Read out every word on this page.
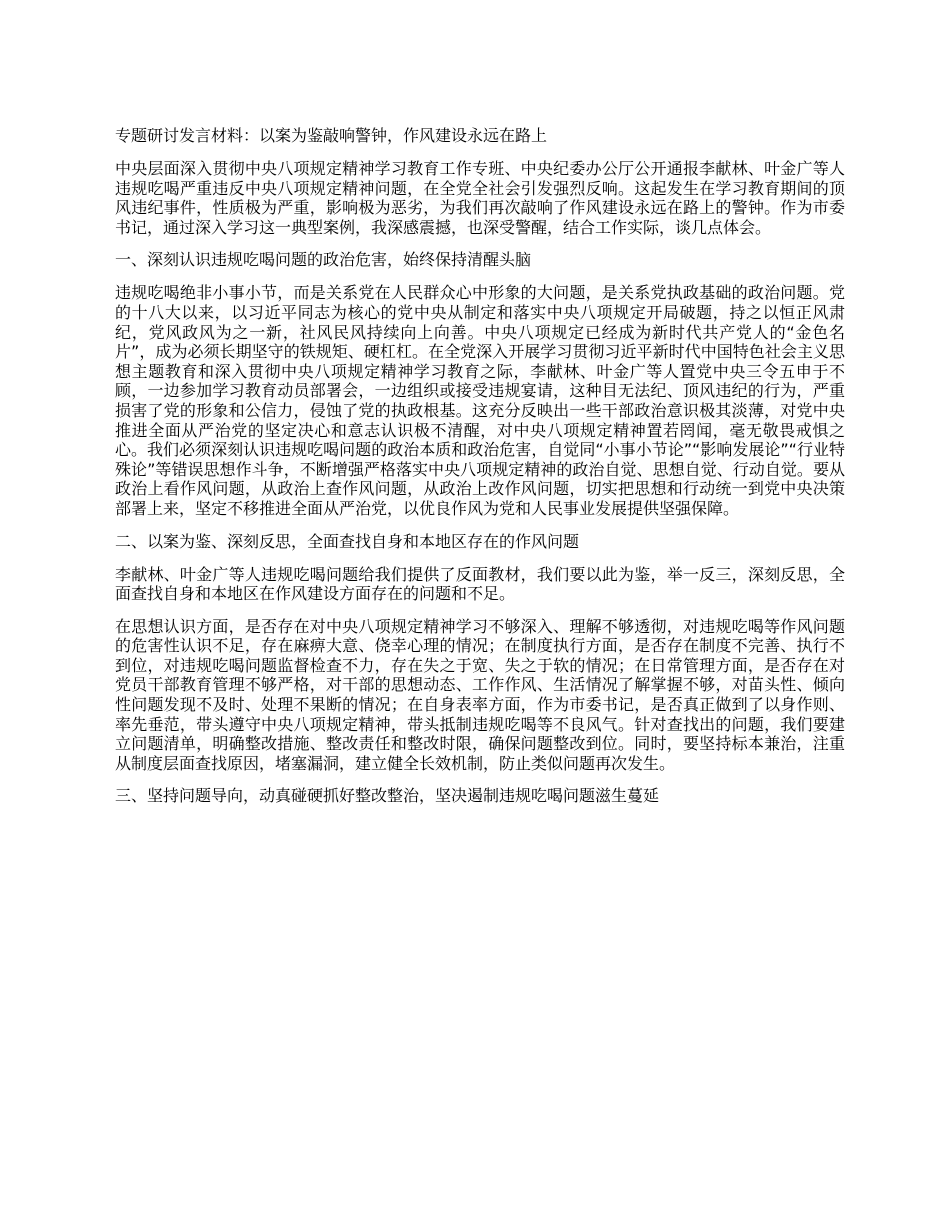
专题研讨发言材料：以案为鉴敲响警钟，作风建设永远在路上

中央层面深入贯彻中央八项规定精神学习教育工作专班、中央纪委办公厅公开通报李献林、叶金广等人违规吃喝严重违反中央八项规定精神问题，在全党全社会引发强烈反响。这起发生在学习教育期间的顶风违纪事件，性质极为严重，影响极为恶劣，为我们再次敲响了作风建设永远在路上的警钟。作为市委书记，通过深入学习这一典型案例，我深感震撼，也深受警醒，结合工作实际，谈几点体会。

一、深刻认识违规吃喝问题的政治危害，始终保持清醒头脑

违规吃喝绝非小事小节，而是关系党在人民群众心中形象的大问题，是关系党执政基础的政治问题。党的十八大以来，以习近平同志为核心的党中央从制定和落实中央八项规定开局破题，持之以恒正风肃纪，党风政风为之一新，社风民风持续向上向善。中央八项规定已经成为新时代共产党人的“金色名片”，成为必须长期坚守的铁规矩、硬杠杠。在全党深入开展学习贯彻习近平新时代中国特色社会主义思想主题教育和深入贯彻中央八项规定精神学习教育之际，李献林、叶金广等人置党中央三令五申于不顾，一边参加学习教育动员部署会，一边组织或接受违规宴请，这种目无法纪、顶风违纪的行为，严重损害了党的形象和公信力，侵蚀了党的执政根基。这充分反映出一些干部政治意识极其淡薄，对党中央推进全面从严治党的坚定决心和意志认识极不清醒，对中央八项规定精神置若罔闻，毫无敬畏戒惧之心。我们必须深刻认识违规吃喝问题的政治本质和政治危害，自觉同“小事小节论”“影响发展论”“行业特殊论”等错误思想作斗争，不断增强严格落实中央八项规定精神的政治自觉、思想自觉、行动自觉。要从政治上看作风问题，从政治上查作风问题，从政治上改作风问题，切实把思想和行动统一到党中央决策部署上来，坚定不移推进全面从严治党，以优良作风为党和人民事业发展提供坚强保障。

二、以案为鉴、深刻反思，全面查找自身和本地区存在的作风问题

李献林、叶金广等人违规吃喝问题给我们提供了反面教材，我们要以此为鉴，举一反三，深刻反思，全面查找自身和本地区在作风建设方面存在的问题和不足。

在思想认识方面，是否存在对中央八项规定精神学习不够深入、理解不够透彻，对违规吃喝等作风问题的危害性认识不足，存在麻痹大意、侥幸心理的情况；在制度执行方面，是否存在制度不完善、执行不到位，对违规吃喝问题监督检查不力，存在失之于宽、失之于软的情况；在日常管理方面，是否存在对党员干部教育管理不够严格，对干部的思想动态、工作作风、生活情况了解掌握不够，对苗头性、倾向性问题发现不及时、处理不果断的情况；在自身表率方面，作为市委书记，是否真正做到了以身作则、率先垂范，带头遵守中央八项规定精神，带头抵制违规吃喝等不良风气。针对查找出的问题，我们要建立问题清单，明确整改措施、整改责任和整改时限，确保问题整改到位。同时，要坚持标本兼治，注重从制度层面查找原因，堵塞漏洞，建立健全长效机制，防止类似问题再次发生。

三、坚持问题导向，动真碰硬抓好整改整治，坚决遏制违规吃喝问题滋生蔓延
